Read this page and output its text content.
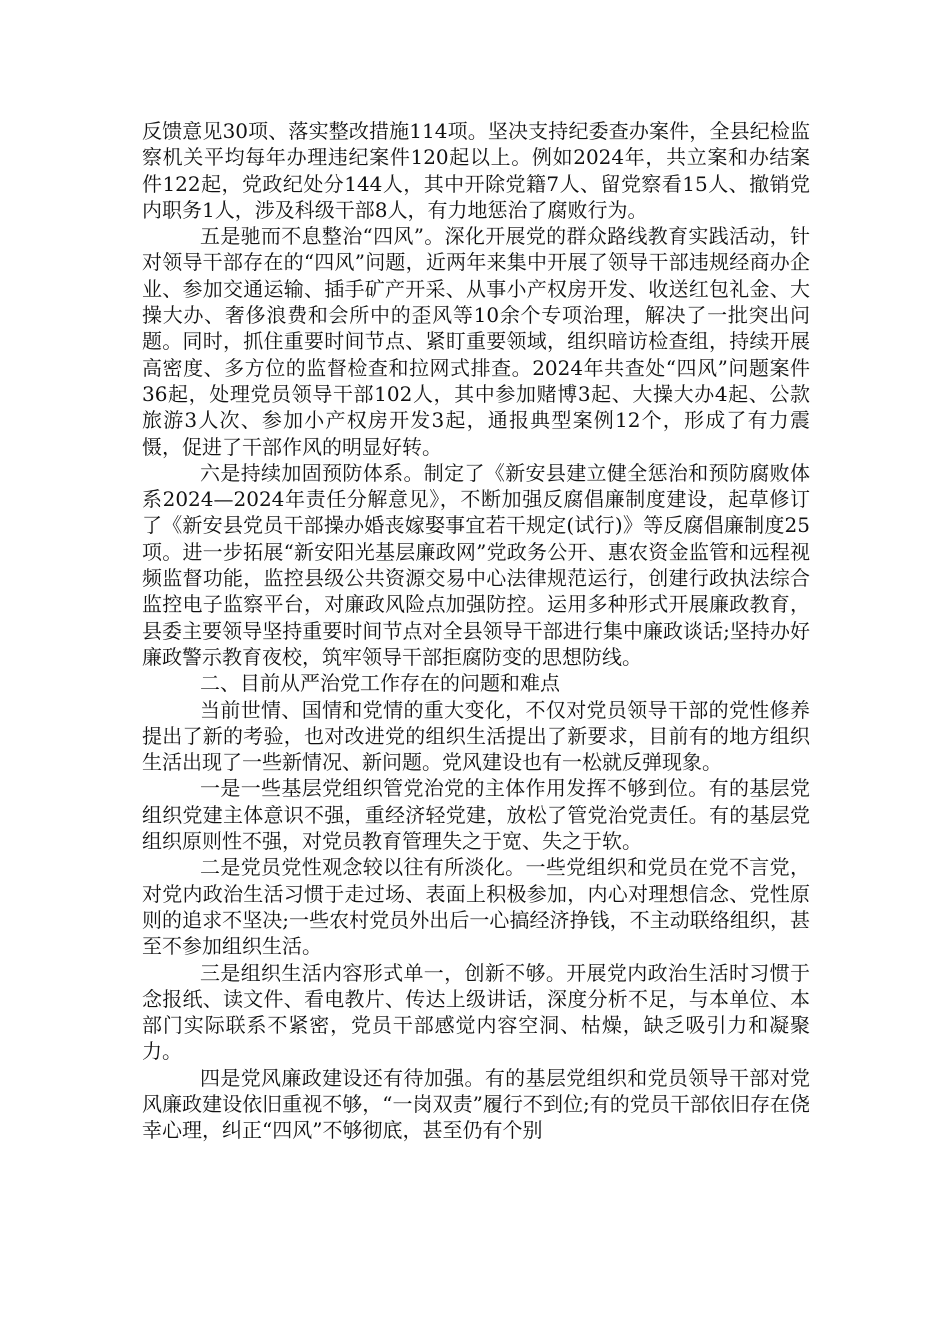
反馈意见30项、落实整改措施114项。坚决支持纪委查办案件，全县纪检监察机关平均每年办理违纪案件120起以上。例如2024年，共立案和办结案件122起，党政纪处分144人，其中开除党籍7人、留党察看15人、撤销党内职务1人，涉及科级干部8人，有力地惩治了腐败行为。

五是驰而不息整治“四风”。深化开展党的群众路线教育实践活动，针对领导干部存在的“四风”问题，近两年来集中开展了领导干部违规经商办企业、参加交通运输、插手矿产开采、从事小产权房开发、收送红包礼金、大操大办、奢侈浪费和会所中的歪风等10余个专项治理，解决了一批突出问题。同时，抓住重要时间节点、紧盯重要领域，组织暗访检查组，持续开展高密度、多方位的监督检查和拉网式排查。2024年共查处“四风”问题案件36起，处理党员领导干部102人，其中参加赌博3起、大操大办4起、公款旅游3人次、参加小产权房开发3起，通报典型案例12个，形成了有力震慑，促进了干部作风的明显好转。

六是持续加固预防体系。制定了《新安县建立健全惩治和预防腐败体系2024—2024年责任分解意见》，不断加强反腐倡廉制度建设，起草修订了《新安县党员干部操办婚丧嫁娶事宜若干规定(试行)》等反腐倡廉制度25项。进一步拓展“新安阳光基层廉政网”党政务公开、惠农资金监管和远程视频监督功能，监控县级公共资源交易中心法律规范运行，创建行政执法综合监控电子监察平台，对廉政风险点加强防控。运用多种形式开展廉政教育，县委主要领导坚持重要时间节点对全县领导干部进行集中廉政谈话;坚持办好廉政警示教育夜校，筑牢领导干部拒腐防变的思想防线。

二、目前从严治党工作存在的问题和难点

当前世情、国情和党情的重大变化，不仅对党员领导干部的党性修养提出了新的考验，也对改进党的组织生活提出了新要求，目前有的地方组织生活出现了一些新情况、新问题。党风建设也有一松就反弹现象。

一是一些基层党组织管党治党的主体作用发挥不够到位。有的基层党组织党建主体意识不强，重经济轻党建，放松了管党治党责任。有的基层党组织原则性不强，对党员教育管理失之于宽、失之于软。

二是党员党性观念较以往有所淡化。一些党组织和党员在党不言党，对党内政治生活习惯于走过场、表面上积极参加，内心对理想信念、党性原则的追求不坚决;一些农村党员外出后一心搞经济挣钱，不主动联络组织，甚至不参加组织生活。

三是组织生活内容形式单一，创新不够。开展党内政治生活时习惯于念报纸、读文件、看电教片、传达上级讲话，深度分析不足，与本单位、本部门实际联系不紧密，党员干部感觉内容空洞、枯燥，缺乏吸引力和凝聚力。

四是党风廉政建设还有待加强。有的基层党组织和党员领导干部对党风廉政建设依旧重视不够，“一岗双责”履行不到位;有的党员干部依旧存在侥幸心理，纠正“四风”不够彻底，甚至仍有个别
